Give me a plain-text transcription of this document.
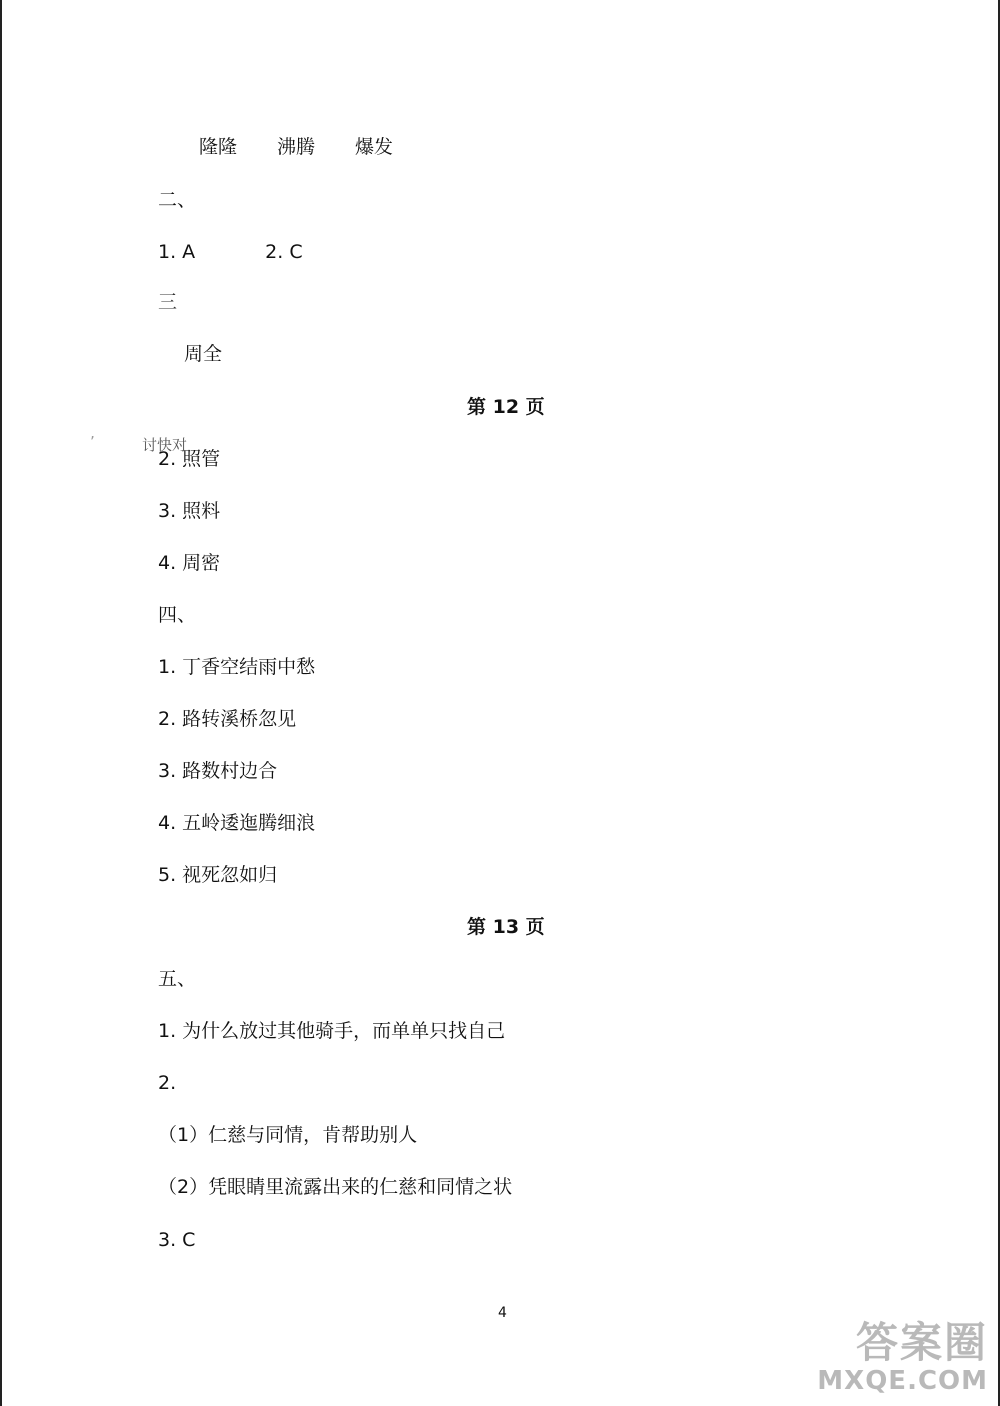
隆隆 沸腾 爆发
二、
1. A	2. C
三
周全
第 12 页
’	讨快对
2. 照管
3. 照料
4. 周密
四、
1. 丁香空结雨中愁
2. 路转溪桥忽见
3. 路数村边合
4. 五岭逶迤腾细浪
5. 视死忽如归
第 13 页
五、
1. 为什么放过其他骑手，而单单只找自己
2.
（1）仁慈与同情，肯帮助别人
（2）凭眼睛里流露出来的仁慈和同情之状
3. C
4
答案圈
MXQE.COM
